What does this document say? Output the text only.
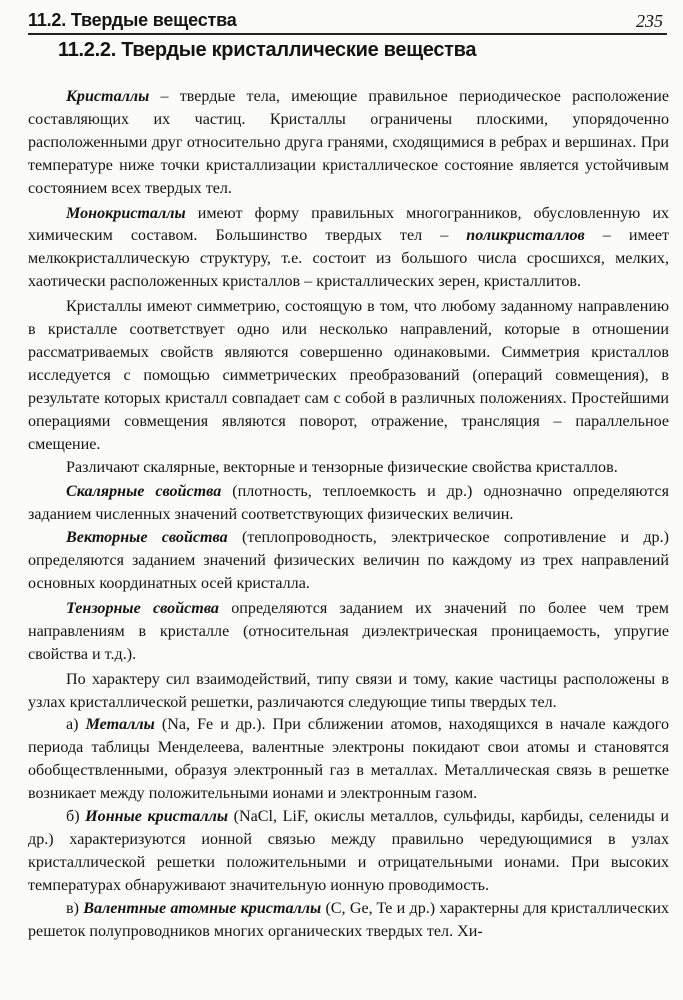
11.2. Твердые вещества	235
11.2.2. Твердые кристаллические вещества

Кристаллы – твердые тела, имеющие правильное периодическое расположение составляющих их частиц. Кристаллы ограничены плоскими, упорядоченно расположенными друг относительно друга гранями, сходящимися в ребрах и вершинах. При температуре ниже точки кристаллизации кристаллическое состояние является устойчивым состоянием всех твердых тел.

Монокристаллы имеют форму правильных многогранников, обусловленную их химическим составом. Большинство твердых тел – поликристаллов – имеет мелкокристаллическую структуру, т.е. состоит из большого числа сросшихся, мелких, хаотически расположенных кристаллов – кристаллических зерен, кристаллитов.

Кристаллы имеют симметрию, состоящую в том, что любому заданному направлению в кристалле соответствует одно или несколько направлений, которые в отношении рассматриваемых свойств являются совершенно одинаковыми. Симметрия кристаллов исследуется с помощью симметрических преобразований (операций совмещения), в результате которых кристалл совпадает сам с собой в различных положениях. Простейшими операциями совмещения являются поворот, отражение, трансляция – параллельное смещение.

Различают скалярные, векторные и тензорные физические свойства кристаллов.

Скалярные свойства (плотность, теплоемкость и др.) однозначно определяются заданием численных значений соответствующих физических величин.

Векторные свойства (теплопроводность, электрическое сопротивление и др.) определяются заданием значений физических величин по каждому из трех направлений основных координатных осей кристалла.

Тензорные свойства определяются заданием их значений по более чем трем направлениям в кристалле (относительная диэлектрическая проницаемость, упругие свойства и т.д.).

По характеру сил взаимодействий, типу связи и тому, какие частицы расположены в узлах кристаллической решетки, различаются следующие типы твердых тел.

а) Металлы (Na, Fe и др.). При сближении атомов, находящихся в начале каждого периода таблицы Менделеева, валентные электроны покидают свои атомы и становятся обобществленными, образуя электронный газ в металлах. Металлическая связь в решетке возникает между положительными ионами и электронным газом.

б) Ионные кристаллы (NaCl, LiF, окислы металлов, сульфиды, карбиды, селениды и др.) характеризуются ионной связью между правильно чередующимися в узлах кристаллической решетки положительными и отрицательными ионами. При высоких температурах обнаруживают значительную ионную проводимость.

в) Валентные атомные кристаллы (C, Ge, Te и др.) характерны для кристаллических решеток полупроводников многих органических твердых тел. Хи-
